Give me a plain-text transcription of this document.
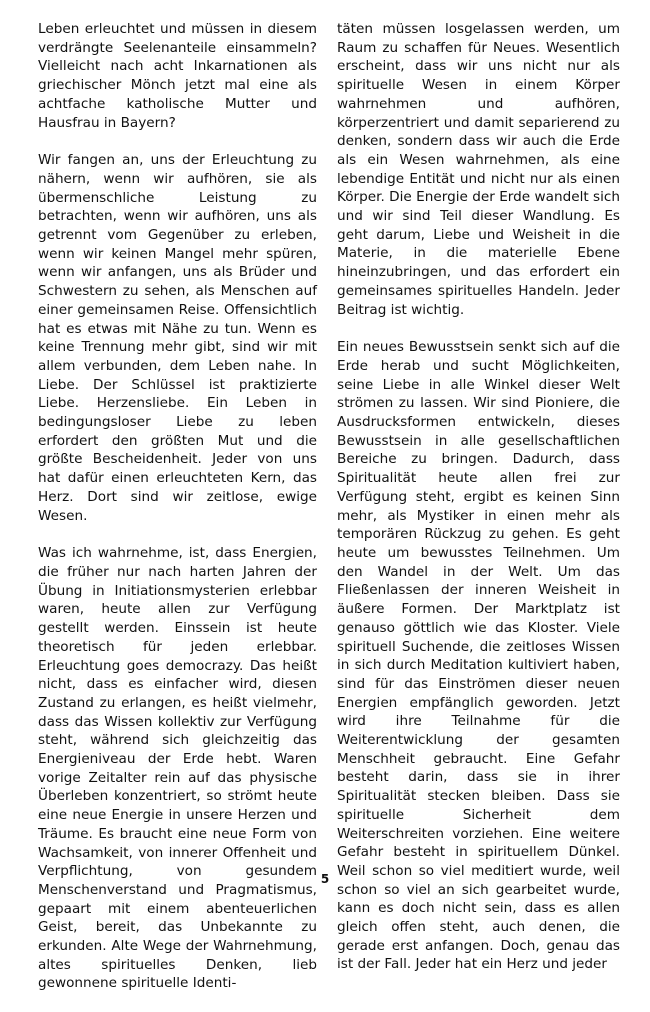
Leben erleuchtet und müssen in diesem verdrängte Seelenanteile einsammeln? Vielleicht nach acht Inkarnationen als griechischer Mönch jetzt mal eine als achtfache katholische Mutter und Hausfrau in Bayern?

Wir fangen an, uns der Erleuchtung zu nähern, wenn wir aufhören, sie als übermenschliche Leistung zu betrachten, wenn wir aufhören, uns als getrennt vom Gegenüber zu erleben, wenn wir keinen Mangel mehr spüren, wenn wir anfangen, uns als Brüder und Schwestern zu sehen, als Menschen auf einer gemeinsamen Reise. Offensichtlich hat es etwas mit Nähe zu tun. Wenn es keine Trennung mehr gibt, sind wir mit allem verbunden, dem Leben nahe. In Liebe. Der Schlüssel ist praktizierte Liebe. Herzensliebe. Ein Leben in bedingungsloser Liebe zu leben erfordert den größten Mut und die größte Bescheidenheit. Jeder von uns hat dafür einen erleuchteten Kern, das Herz. Dort sind wir zeitlose, ewige Wesen.

Was ich wahrnehme, ist, dass Energien, die früher nur nach harten Jahren der Übung in Initiationsmysterien erlebbar waren, heute allen zur Verfügung gestellt werden. Einssein ist heute theoretisch für jeden erlebbar. Erleuchtung goes democrazy. Das heißt nicht, dass es einfacher wird, diesen Zustand zu erlangen, es heißt vielmehr, dass das Wissen kollektiv zur Verfügung steht, während sich gleichzeitig das Energieniveau der Erde hebt. Waren vorige Zeitalter rein auf das physische Überleben konzentriert, so strömt heute eine neue Energie in unsere Herzen und Träume. Es braucht eine neue Form von Wachsamkeit, von innerer Offenheit und Verpflichtung, von gesundem Menschenverstand und Pragmatismus, gepaart mit einem abenteuerlichen Geist, bereit, das Unbekannte zu erkunden. Alte Wege der Wahrnehmung, altes spirituelles Denken, lieb gewonnene spirituelle Identi-

täten müssen losgelassen werden, um Raum zu schaffen für Neues. Wesentlich erscheint, dass wir uns nicht nur als spirituelle Wesen in einem Körper wahrnehmen und aufhören, körperzentriert und damit separierend zu denken, sondern dass wir auch die Erde als ein Wesen wahrnehmen, als eine lebendige Entität und nicht nur als einen Körper. Die Energie der Erde wandelt sich und wir sind Teil dieser Wandlung. Es geht darum, Liebe und Weisheit in die Materie, in die materielle Ebene hineinzubringen, und das erfordert ein gemeinsames spirituelles Handeln. Jeder Beitrag ist wichtig.

Ein neues Bewusstsein senkt sich auf die Erde herab und sucht Möglichkeiten, seine Liebe in alle Winkel dieser Welt strömen zu lassen. Wir sind Pioniere, die Ausdrucksformen entwickeln, dieses Bewusstsein in alle gesellschaftlichen Bereiche zu bringen. Dadurch, dass Spiritualität heute allen frei zur Verfügung steht, ergibt es keinen Sinn mehr, als Mystiker in einen mehr als temporären Rückzug zu gehen. Es geht heute um bewusstes Teilnehmen. Um den Wandel in der Welt. Um das Fließenlassen der inneren Weisheit in äußere Formen. Der Marktplatz ist genauso göttlich wie das Kloster. Viele spirituell Suchende, die zeitloses Wissen in sich durch Meditation kultiviert haben, sind für das Einströmen dieser neuen Energien empfänglich geworden. Jetzt wird ihre Teilnahme für die Weiterentwicklung der gesamten Menschheit gebraucht. Eine Gefahr besteht darin, dass sie in ihrer Spiritualität stecken bleiben. Dass sie spirituelle Sicherheit dem Weiterschreiten vorziehen. Eine weitere Gefahr besteht in spirituellem Dünkel. Weil schon so viel meditiert wurde, weil schon so viel an sich gearbeitet wurde, kann es doch nicht sein, dass es allen gleich offen steht, auch denen, die gerade erst anfangen. Doch, genau das ist der Fall. Jeder hat ein Herz und jeder

5
